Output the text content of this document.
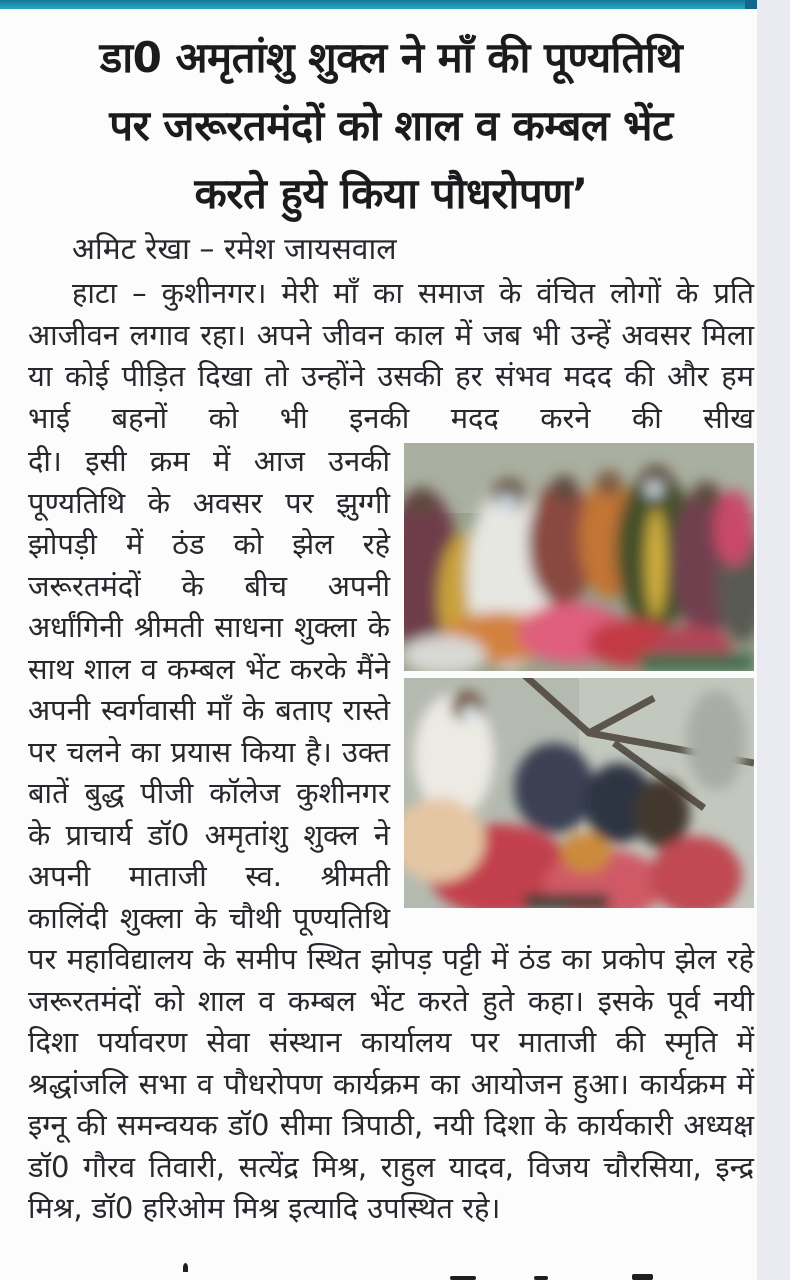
डा0 अमृतांशु शुक्ल ने माँ की पूण्यतिथि
पर जरूरतमंदों को शाल व कम्बल भेंट
करते हुये किया पौधरोपण’

अमिट रेखा – रमेश जायसवाल

हाटा – कुशीनगर। मेरी माँ का समाज के वंचित लोगों के प्रति आजीवन लगाव रहा। अपने जीवन काल में जब भी उन्हें अवसर मिला या कोई पीड़ित दिखा तो उन्होंने उसकी हर संभव मदद की और हम भाई बहनों को भी इनकी मदद करने की सीख

दी। इसी क्रम में आज उनकी पूण्यतिथि के अवसर पर झुग्गी झोपड़ी में ठंड को झेल रहे जरूरतमंदों के बीच अपनी अर्धांगिनी श्रीमती साधना शुक्ला के साथ शाल व कम्बल भेंट करके मैंने अपनी स्वर्गवासी माँ के बताए रास्ते पर चलने का प्रयास किया है। उक्त बातें बुद्ध पीजी कॉलेज कुशीनगर के प्राचार्य डॉ0 अमृतांशु शुक्ल ने अपनी माताजी स्व. श्रीमती कालिंदी शुक्ला के चौथी पूण्यतिथि पर महाविद्यालय के समीप स्थित झोपड़ पट्टी में ठंड का प्रकोप झेल रहे जरूरतमंदों को शाल व कम्बल भेंट करते हुते कहा। इसके पूर्व नयी दिशा पर्यावरण सेवा संस्थान कार्यालय पर माताजी की स्मृति में श्रद्धांजलि सभा व पौधरोपण कार्यक्रम का आयोजन हुआ। कार्यक्रम में इग्नू की समन्वयक डॉ0 सीमा त्रिपाठी, नयी दिशा के कार्यकारी अध्यक्ष डॉ0 गौरव तिवारी, सत्येंद्र मिश्र, राहुल यादव, विजय चौरसिया, इन्द्र मिश्र, डॉ0 हरिओम मिश्र इत्यादि उपस्थित रहे।
